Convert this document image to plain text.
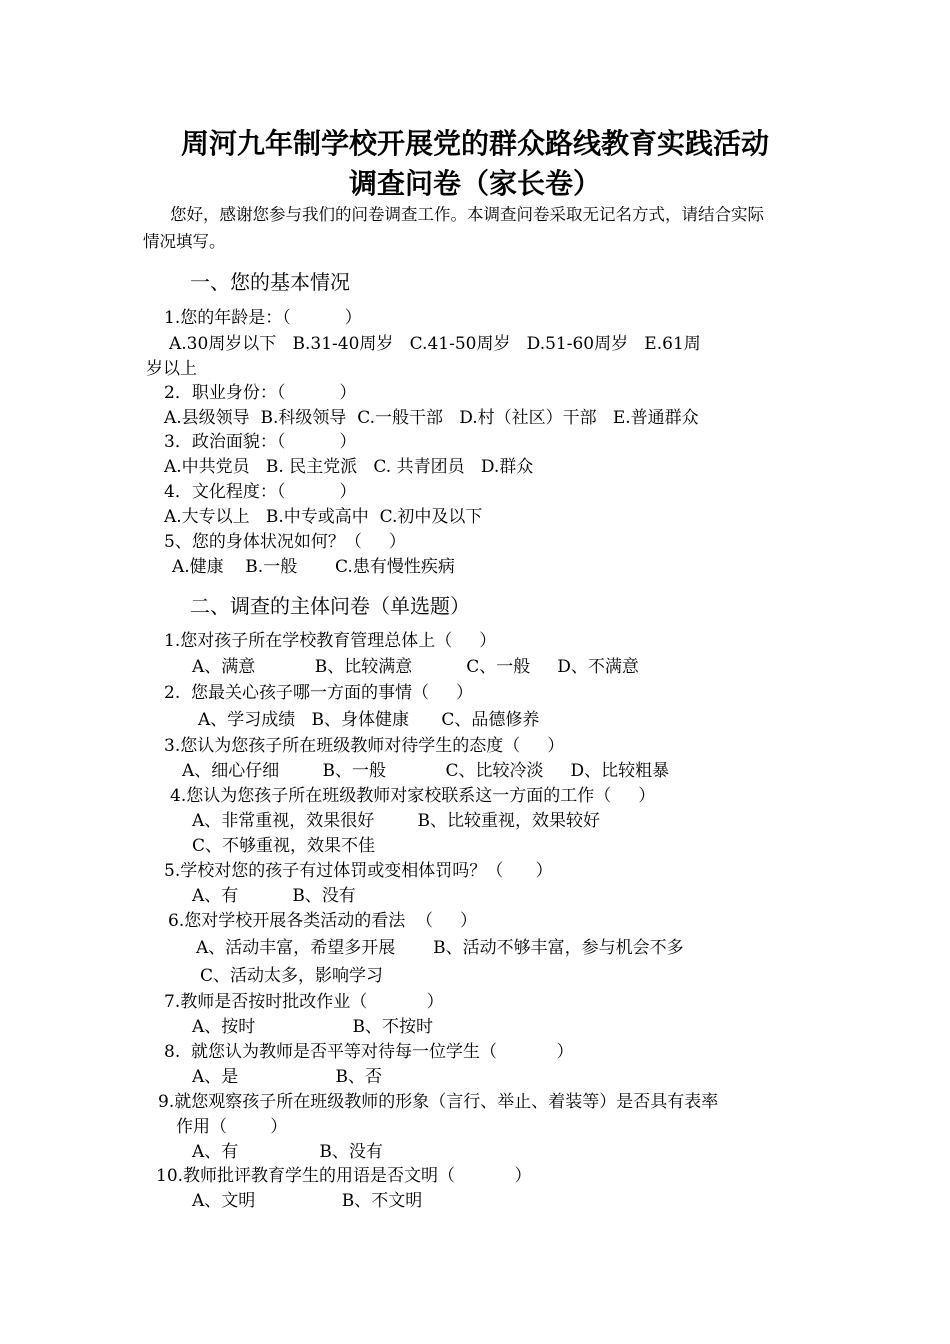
周河九年制学校开展党的群众路线教育实践活动
调查问卷（家长卷）
您好，感谢您参与我们的问卷调查工作。本调查问卷采取无记名方式，请结合实际
情况填写。
一、您的基本情况
1.您的年龄是：（          ）
A.30周岁以下   B.31-40周岁   C.41-50周岁   D.51-60周岁   E.61周
岁以上
2．职业身份：（          ）
A.县级领导  B.科级领导  C.一般干部   D.村（社区）干部   E.普通群众
3．政治面貌：（          ）
A.中共党员   B. 民主党派   C. 共青团员   D.群众
4．文化程度：（          ）
A.大专以上   B.中专或高中  C.初中及以下
5、您的身体状况如何？（     ）
A.健康    B.一般       C.患有慢性疾病
二、调查的主体问卷（单选题）
1.您对孩子所在学校教育管理总体上（     ）
A、满意           B、比较满意          C、一般     D、不满意
2.  您最关心孩子哪一方面的事情（     ）
A、学习成绩   B、身体健康      C、品德修养
3.您认为您孩子所在班级教师对待学生的态度（     ）
A、细心仔细        B、一般           C、比较冷淡     D、比较粗暴
4.您认为您孩子所在班级教师对家校联系这一方面的工作（     ）
A、非常重视，效果很好        B、比较重视，效果较好
C、不够重视，效果不佳
5.学校对您的孩子有过体罚或变相体罚吗？（      ）
A、有          B、没有
6.您对学校开展各类活动的看法  （     ）
A、活动丰富，希望多开展       B、活动不够丰富，参与机会不多
C、活动太多，影响学习
7.教师是否按时批改作业（           ）
A、按时                  B、不按时
8.  就您认为教师是否平等对待每一位学生（           ）
A、是                  B、否
9.就您观察孩子所在班级教师的形象（言行、举止、着装等）是否具有表率
作用（        ）
A、有               B、没有
10.教师批评教育学生的用语是否文明（           ）
A、文明                B、不文明
